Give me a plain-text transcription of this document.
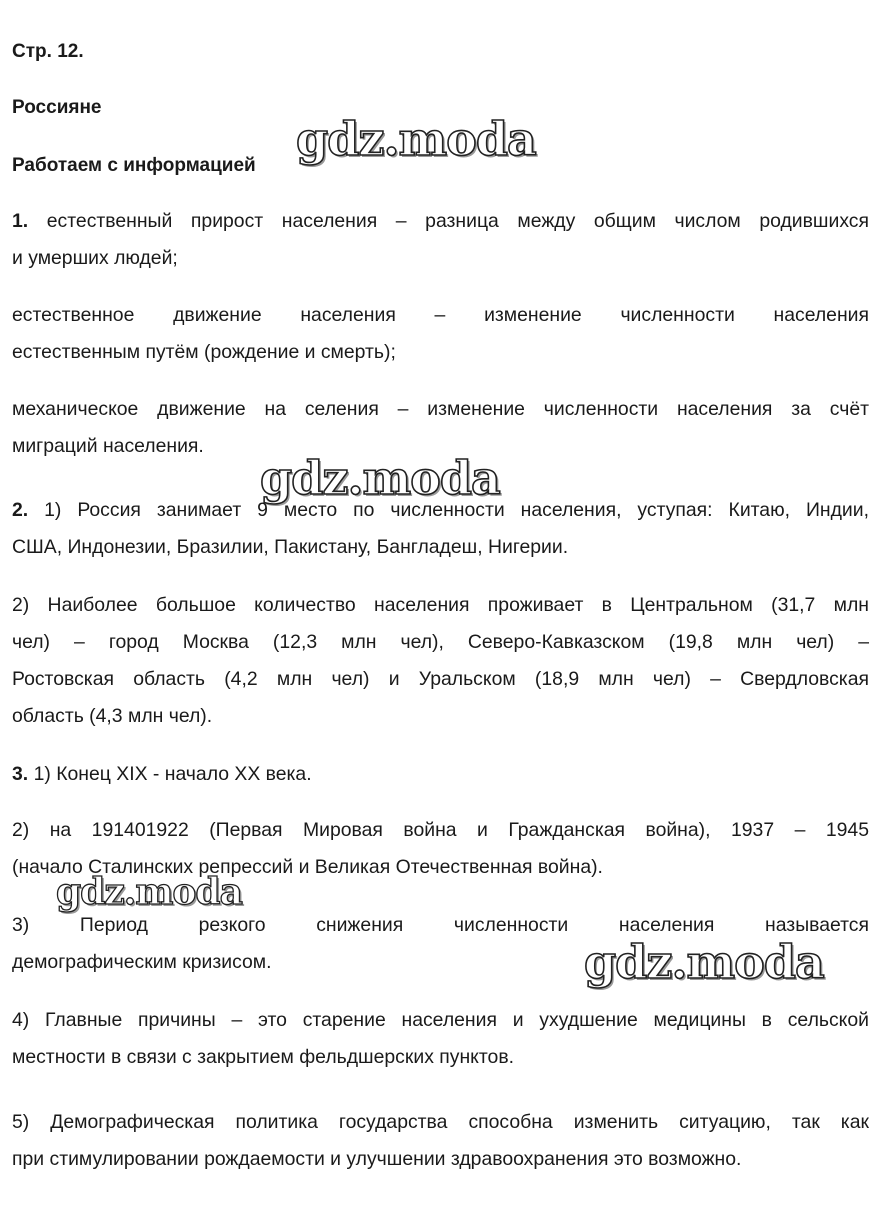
Стр. 12.
Россияне
Работаем с информацией
1. естественный прирост населения – разница между общим числом родившихся
и умерших людей;
естественное движение населения – изменение численности населения
естественным путём (рождение и смерть);
механическое движение на селения – изменение численности населения за счёт
миграций населения.
2. 1) Россия занимает 9 место по численности населения, уступая: Китаю, Индии,
США, Индонезии, Бразилии, Пакистану, Бангладеш, Нигерии.
2) Наиболее большое количество населения проживает в Центральном (31,7 млн
чел) – город Москва (12,3 млн чел), Северо-Кавказском (19,8 млн чел) –
Ростовская область (4,2 млн чел) и Уральском (18,9 млн чел) – Свердловская
область (4,3 млн чел).
3. 1) Конец XIX - начало XX века.
2) на 191401922 (Первая Мировая война и Гражданская война), 1937 – 1945
(начало Сталинских репрессий и Великая Отечественная война).
3) Период резкого снижения численности населения называется
демографическим кризисом.
4) Главные причины – это старение населения и ухудшение медицины в сельской
местности в связи с закрытием фельдшерских пунктов.
5) Демографическая политика государства способна изменить ситуацию, так как
при стимулировании рождаемости и улучшении здравоохранения это возможно.
gdz.moda
gdz.moda
gdz.moda
gdz.moda
